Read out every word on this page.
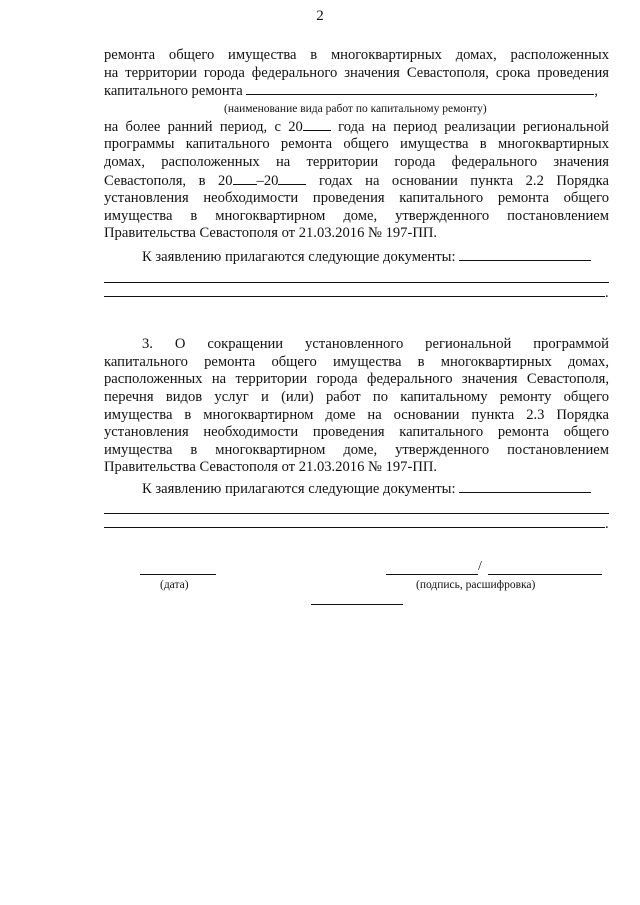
2
ремонта общего имущества в многоквартирных домах, расположенных
на территории города федерального значения Севастополя, срока проведения
капитального ремонта	,
(наименование вида работ по капитальному ремонту)
на более ранний период, с 20 года на период реализации региональной
программы капитального ремонта общего имущества в многоквартирных
домах, расположенных на территории города федерального значения
Севастополя, в 20 –20	годах на основании пункта 2.2 Порядка
установления необходимости проведения капитального ремонта общего
имущества в многоквартирном доме, утвержденного постановлением
Правительства Севастополя от 21.03.2016 № 197-ПП.
К заявлению прилагаются следующие документы:
.
3. О сокращении установленного региональной программой
капитального ремонта общего имущества в многоквартирных домах,
расположенных на территории города федерального значения Севастополя,
перечня видов услуг и (или) работ по капитальному ремонту общего
имущества в многоквартирном доме на основании пункта 2.3 Порядка
установления необходимости проведения капитального ремонта общего
имущества в многоквартирном доме, утвержденного постановлением
Правительства Севастополя от 21.03.2016 № 197-ПП.
К заявлению прилагаются следующие документы:
.
(дата)
/
(подпись, расшифровка)
